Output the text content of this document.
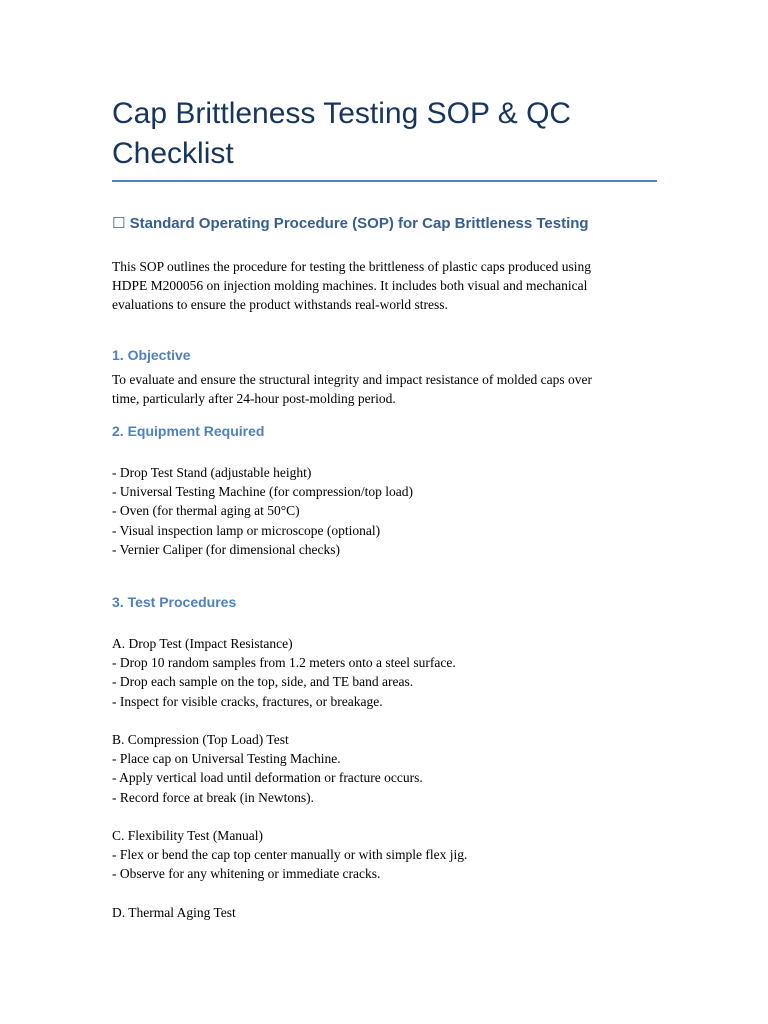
Cap Brittleness Testing SOP & QC
Checklist
☐ Standard Operating Procedure (SOP) for Cap Brittleness Testing
This SOP outlines the procedure for testing the brittleness of plastic caps produced using
HDPE M200056 on injection molding machines. It includes both visual and mechanical
evaluations to ensure the product withstands real-world stress.
1. Objective
To evaluate and ensure the structural integrity and impact resistance of molded caps over
time, particularly after 24-hour post-molding period.
2. Equipment Required
- Drop Test Stand (adjustable height)
- Universal Testing Machine (for compression/top load)
- Oven (for thermal aging at 50°C)
- Visual inspection lamp or microscope (optional)
- Vernier Caliper (for dimensional checks)
3. Test Procedures
A. Drop Test (Impact Resistance)
- Drop 10 random samples from 1.2 meters onto a steel surface.
- Drop each sample on the top, side, and TE band areas.
- Inspect for visible cracks, fractures, or breakage.
B. Compression (Top Load) Test
- Place cap on Universal Testing Machine.
- Apply vertical load until deformation or fracture occurs.
- Record force at break (in Newtons).
C. Flexibility Test (Manual)
- Flex or bend the cap top center manually or with simple flex jig.
- Observe for any whitening or immediate cracks.
D. Thermal Aging Test
